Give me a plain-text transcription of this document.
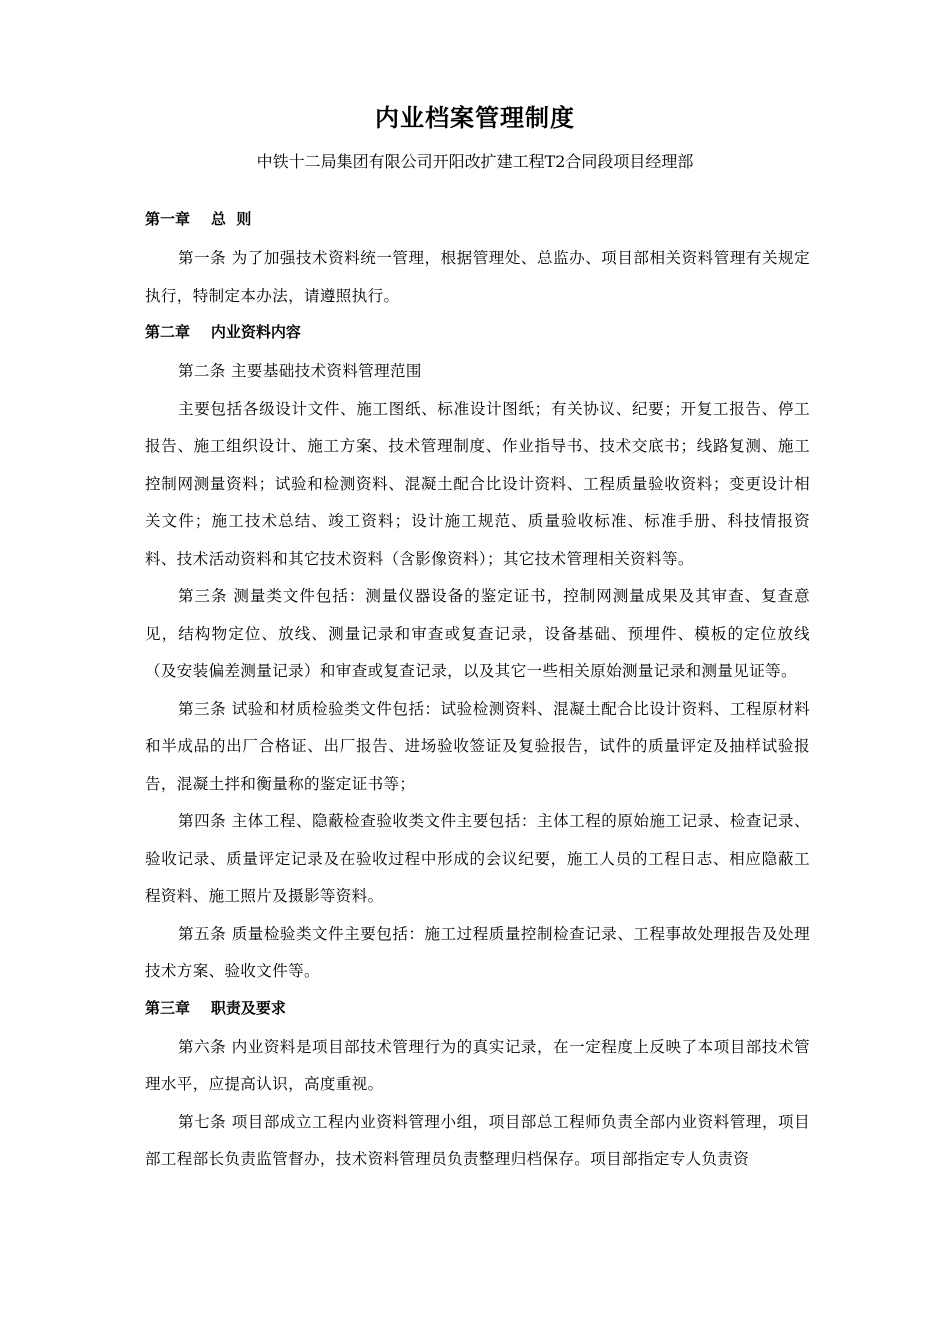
内业档案管理制度

中铁十二局集团有限公司开阳改扩建工程T2合同段项目经理部

第一章    总  则

第一条 为了加强技术资料统一管理，根据管理处、总监办、项目部相关资料管理有关规定执行，特制定本办法，请遵照执行。

第二章    内业资料内容

第二条 主要基础技术资料管理范围

主要包括各级设计文件、施工图纸、标准设计图纸；有关协议、纪要；开复工报告、停工报告、施工组织设计、施工方案、技术管理制度、作业指导书、技术交底书；线路复测、施工控制网测量资料；试验和检测资料、混凝土配合比设计资料、工程质量验收资料；变更设计相关文件；施工技术总结、竣工资料；设计施工规范、质量验收标准、标准手册、科技情报资料、技术活动资料和其它技术资料（含影像资料）；其它技术管理相关资料等。

第三条 测量类文件包括：测量仪器设备的鉴定证书，控制网测量成果及其审查、复查意见，结构物定位、放线、测量记录和审查或复查记录，设备基础、预埋件、模板的定位放线（及安装偏差测量记录）和审查或复查记录，以及其它一些相关原始测量记录和测量见证等。

第三条 试验和材质检验类文件包括：试验检测资料、混凝土配合比设计资料、工程原材料和半成品的出厂合格证、出厂报告、进场验收签证及复验报告，试件的质量评定及抽样试验报告，混凝土拌和衡量称的鉴定证书等；

第四条 主体工程、隐蔽检查验收类文件主要包括：主体工程的原始施工记录、检查记录、验收记录、质量评定记录及在验收过程中形成的会议纪要，施工人员的工程日志、相应隐蔽工程资料、施工照片及摄影等资料。

第五条 质量检验类文件主要包括：施工过程质量控制检查记录、工程事故处理报告及处理技术方案、验收文件等。

第三章    职责及要求

第六条 内业资料是项目部技术管理行为的真实记录，在一定程度上反映了本项目部技术管理水平，应提高认识，高度重视。

第七条 项目部成立工程内业资料管理小组，项目部总工程师负责全部内业资料管理，项目部工程部长负责监管督办，技术资料管理员负责整理归档保存。项目部指定专人负责资
